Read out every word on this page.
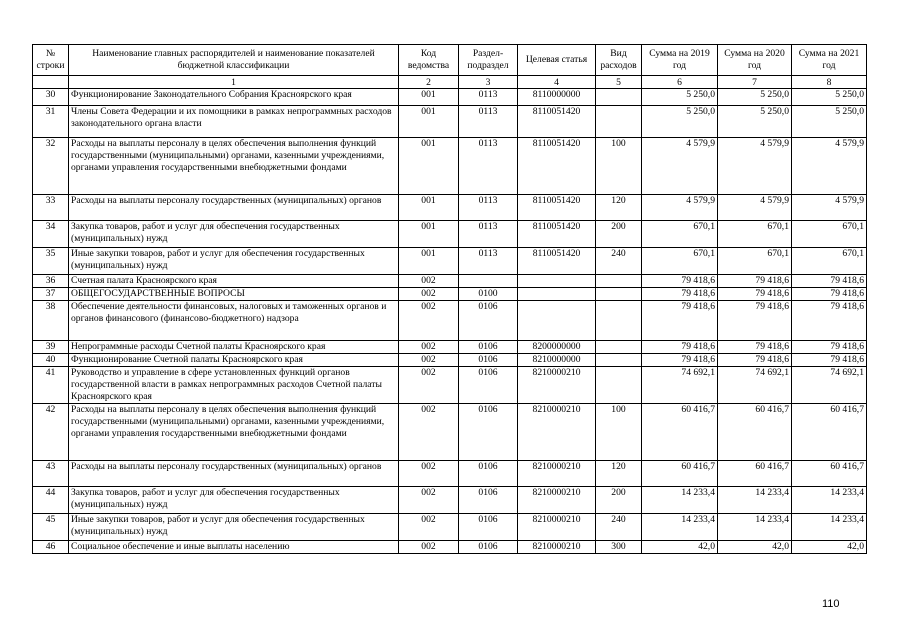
№ строки	Наименование главных распорядителей и наименование показателей бюджетной классификации	Код ведомства	Раздел-подраздел	Целевая статья	Вид расходов	Сумма на 2019 год	Сумма на 2020 год	Сумма на 2021 год
	1	2	3	4	5	6	7	8
30	Функционирование Законодательного Собрания Красноярского края	001	0113	8110000000		5 250,0	5 250,0	5 250,0
31	Члены Совета Федерации и их помощники в рамках непрограммных расходов законодательного органа власти	001	0113	8110051420		5 250,0	5 250,0	5 250,0
32	Расходы на выплаты персоналу в целях обеспечения выполнения функций государственными (муниципальными) органами, казенными учреждениями, органами управления государственными внебюджетными фондами	001	0113	8110051420	100	4 579,9	4 579,9	4 579,9
33	Расходы на выплаты персоналу государственных (муниципальных) органов	001	0113	8110051420	120	4 579,9	4 579,9	4 579,9
34	Закупка товаров, работ и услуг для обеспечения государственных (муниципальных) нужд	001	0113	8110051420	200	670,1	670,1	670,1
35	Иные закупки товаров, работ и услуг для обеспечения государственных (муниципальных) нужд	001	0113	8110051420	240	670,1	670,1	670,1
36	Счетная палата Красноярского края	002				79 418,6	79 418,6	79 418,6
37	ОБЩЕГОСУДАРСТВЕННЫЕ ВОПРОСЫ	002	0100			79 418,6	79 418,6	79 418,6
38	Обеспечение деятельности финансовых, налоговых и таможенных органов и органов финансового (финансово-бюджетного) надзора	002	0106			79 418,6	79 418,6	79 418,6
39	Непрограммные расходы Счетной палаты Красноярского края	002	0106	8200000000		79 418,6	79 418,6	79 418,6
40	Функционирование Счетной палаты Красноярского края	002	0106	8210000000		79 418,6	79 418,6	79 418,6
41	Руководство и управление в сфере установленных функций органов государственной власти в рамках непрограммных расходов Счетной палаты Красноярского края	002	0106	8210000210		74 692,1	74 692,1	74 692,1
42	Расходы на выплаты персоналу в целях обеспечения выполнения функций государственными (муниципальными) органами, казенными учреждениями, органами управления государственными внебюджетными фондами	002	0106	8210000210	100	60 416,7	60 416,7	60 416,7
43	Расходы на выплаты персоналу государственных (муниципальных) органов	002	0106	8210000210	120	60 416,7	60 416,7	60 416,7
44	Закупка товаров, работ и услуг для обеспечения государственных (муниципальных) нужд	002	0106	8210000210	200	14 233,4	14 233,4	14 233,4
45	Иные закупки товаров, работ и услуг для обеспечения государственных (муниципальных) нужд	002	0106	8210000210	240	14 233,4	14 233,4	14 233,4
46	Социальное обеспечение и иные выплаты населению	002	0106	8210000210	300	42,0	42,0	42,0
110
